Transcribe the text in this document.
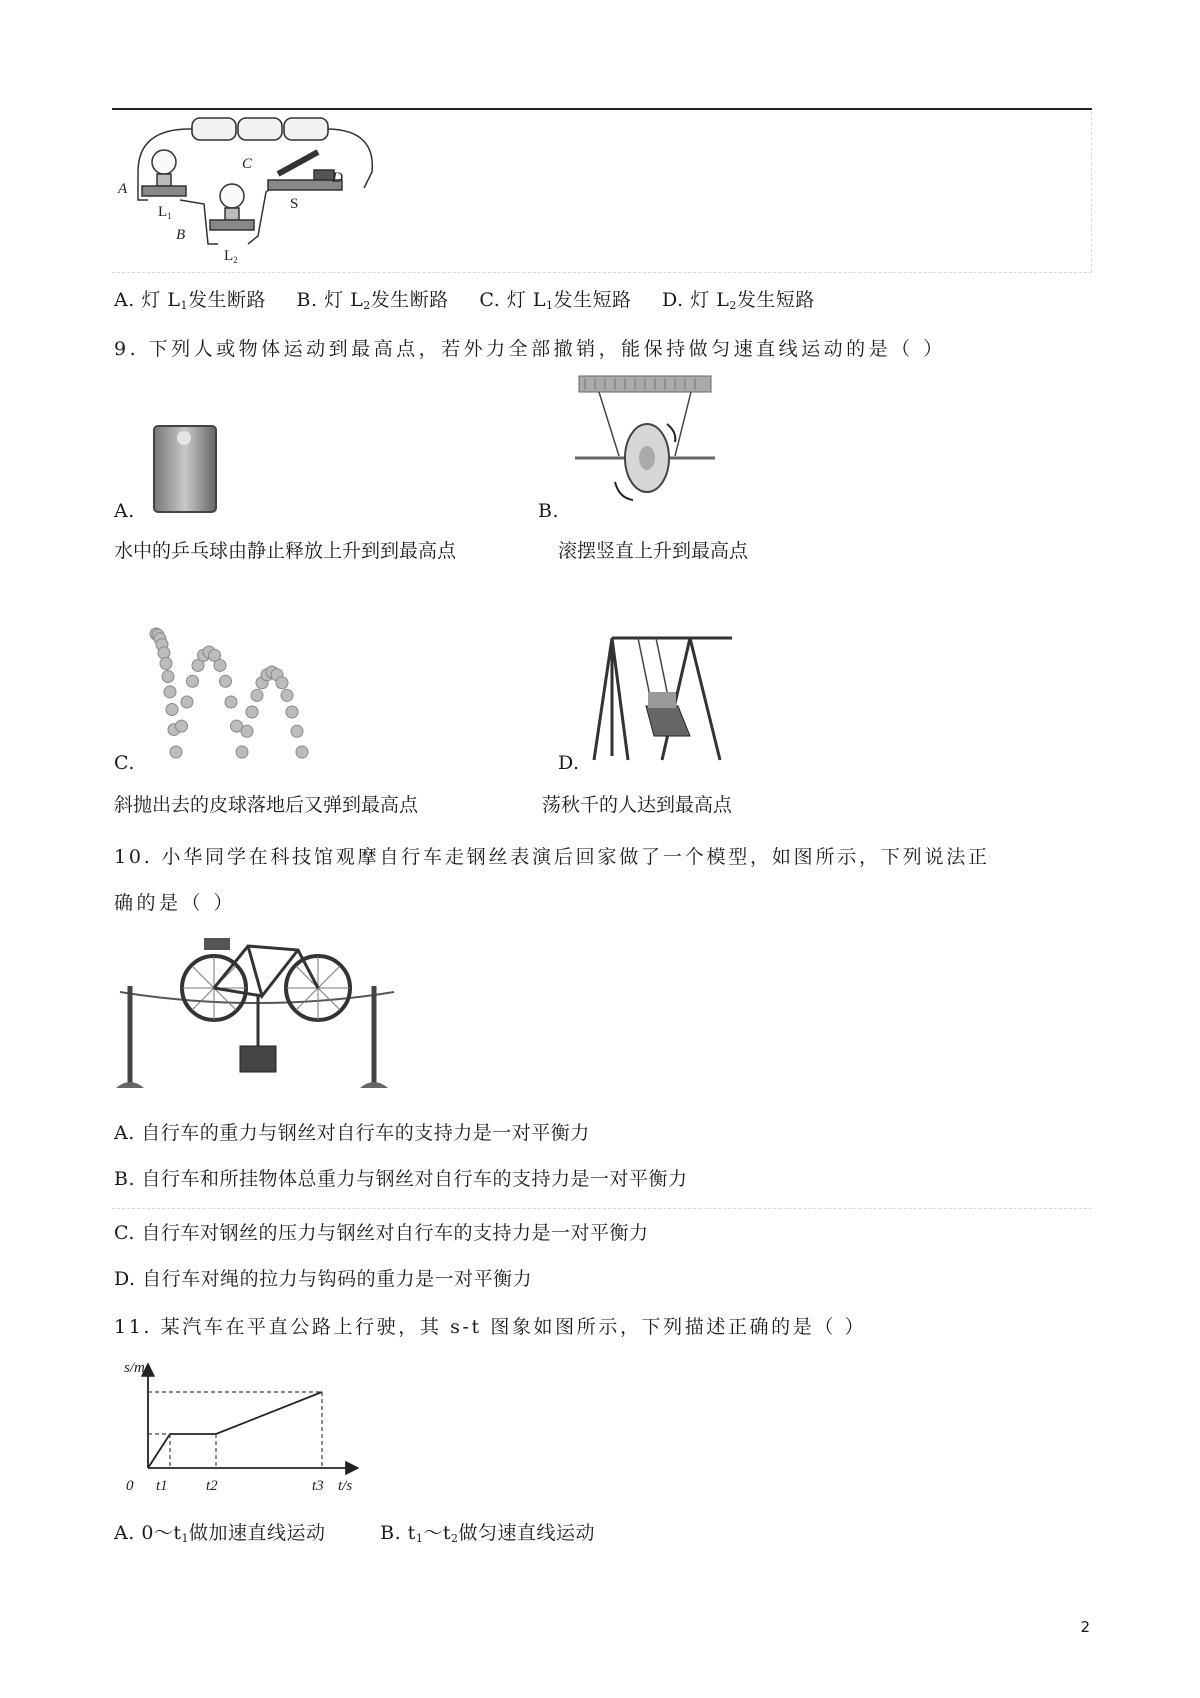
A
B
C
D
S
$L_1$
$L_2$
A. 灯 L1发生断路 B. 灯 L2发生断路 C. 灯 L1发生短路 D. 灯 L2发生短路
9. 下列人或物体运动到最高点，若外力全部撤销，能保持做匀速直线运动的是（ ）
A.
水中的乒乓球由静止释放上升到到最高点
B.
滚摆竖直上升到最高点
C.
斜抛出去的皮球落地后又弹到最高点
D.
荡秋千的人达到最高点
10. 小华同学在科技馆观摩自行车走钢丝表演后回家做了一个模型，如图所示，下列说法正
确的是（ ）
A. 自行车的重力与钢丝对自行车的支持力是一对平衡力
B. 自行车和所挂物体总重力与钢丝对自行车的支持力是一对平衡力
C. 自行车对钢丝的压力与钢丝对自行车的支持力是一对平衡力
D. 自行车对绳的拉力与钩码的重力是一对平衡力
11. 某汽车在平直公路上行驶，其 s-t 图象如图所示，下列描述正确的是（ ）
s/m
t/s
0 t1	t2	t3
A. $0\sim t_1$做加速直线运动	B. $t_1\sim t_2$做匀速直线运动
2
